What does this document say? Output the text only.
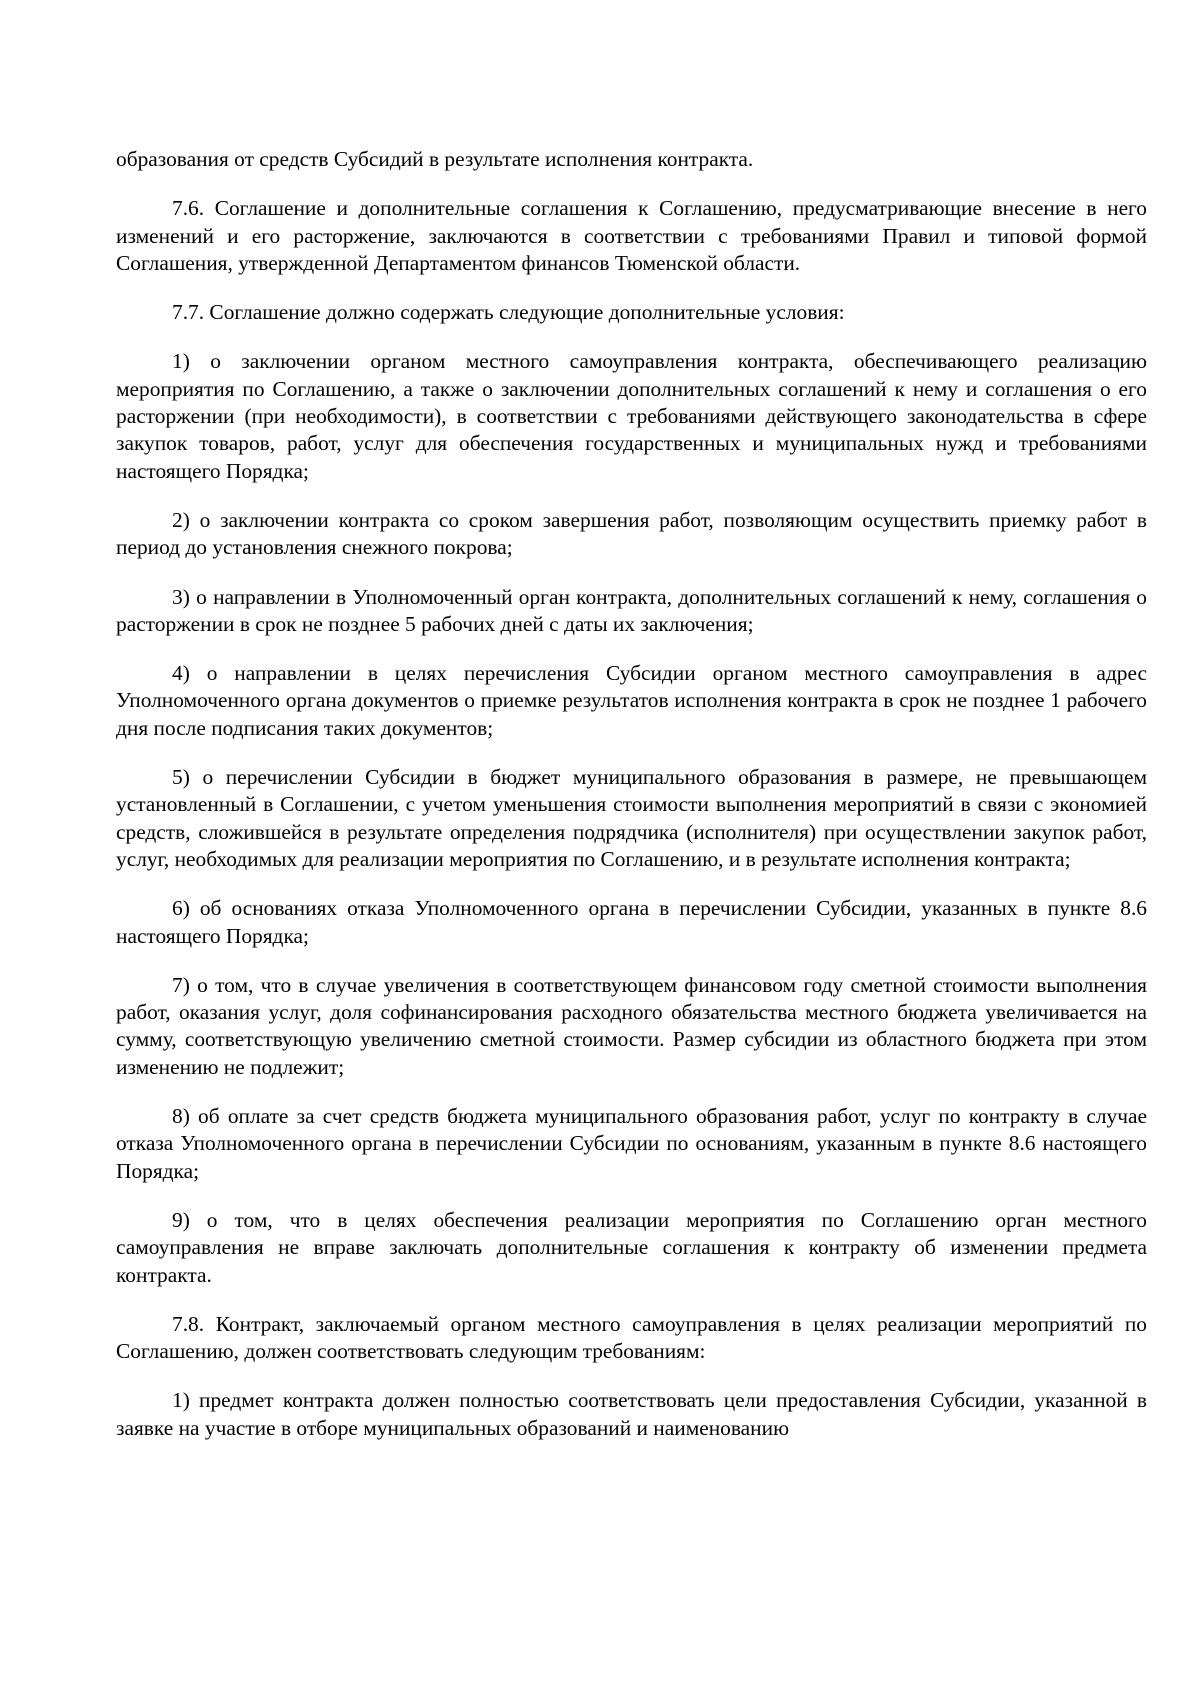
образования от средств Субсидий в результате исполнения контракта.

7.6. Соглашение и дополнительные соглашения к Соглашению, предусматривающие внесение в него изменений и его расторжение, заключаются в соответствии с требованиями Правил и типовой формой Соглашения, утвержденной Департаментом финансов Тюменской области.

7.7. Соглашение должно содержать следующие дополнительные условия:

1) о заключении органом местного самоуправления контракта, обеспечивающего реализацию мероприятия по Соглашению, а также о заключении дополнительных соглашений к нему и соглашения о его расторжении (при необходимости), в соответствии с требованиями действующего законодательства в сфере закупок товаров, работ, услуг для обеспечения государственных и муниципальных нужд и требованиями настоящего Порядка;

2) о заключении контракта со сроком завершения работ, позволяющим осуществить приемку работ в период до установления снежного покрова;

3) о направлении в Уполномоченный орган контракта, дополнительных соглашений к нему, соглашения о расторжении в срок не позднее 5 рабочих дней с даты их заключения;

4) о направлении в целях перечисления Субсидии органом местного самоуправления в адрес Уполномоченного органа документов о приемке результатов исполнения контракта в срок не позднее 1 рабочего дня после подписания таких документов;

5) о перечислении Субсидии в бюджет муниципального образования в размере, не превышающем установленный в Соглашении, с учетом уменьшения стоимости выполнения мероприятий в связи с экономией средств, сложившейся в результате определения подрядчика (исполнителя) при осуществлении закупок работ, услуг, необходимых для реализации мероприятия по Соглашению, и в результате исполнения контракта;

6) об основаниях отказа Уполномоченного органа в перечислении Субсидии, указанных в пункте 8.6 настоящего Порядка;

7) о том, что в случае увеличения в соответствующем финансовом году сметной стоимости выполнения работ, оказания услуг, доля софинансирования расходного обязательства местного бюджета увеличивается на сумму, соответствующую увеличению сметной стоимости. Размер субсидии из областного бюджета при этом изменению не подлежит;

8) об оплате за счет средств бюджета муниципального образования работ, услуг по контракту в случае отказа Уполномоченного органа в перечислении Субсидии по основаниям, указанным в пункте 8.6 настоящего Порядка;

9) о том, что в целях обеспечения реализации мероприятия по Соглашению орган местного самоуправления не вправе заключать дополнительные соглашения к контракту об изменении предмета контракта.

7.8. Контракт, заключаемый органом местного самоуправления в целях реализации мероприятий по Соглашению, должен соответствовать следующим требованиям:

1) предмет контракта должен полностью соответствовать цели предоставления Субсидии, указанной в заявке на участие в отборе муниципальных образований и наименованию
